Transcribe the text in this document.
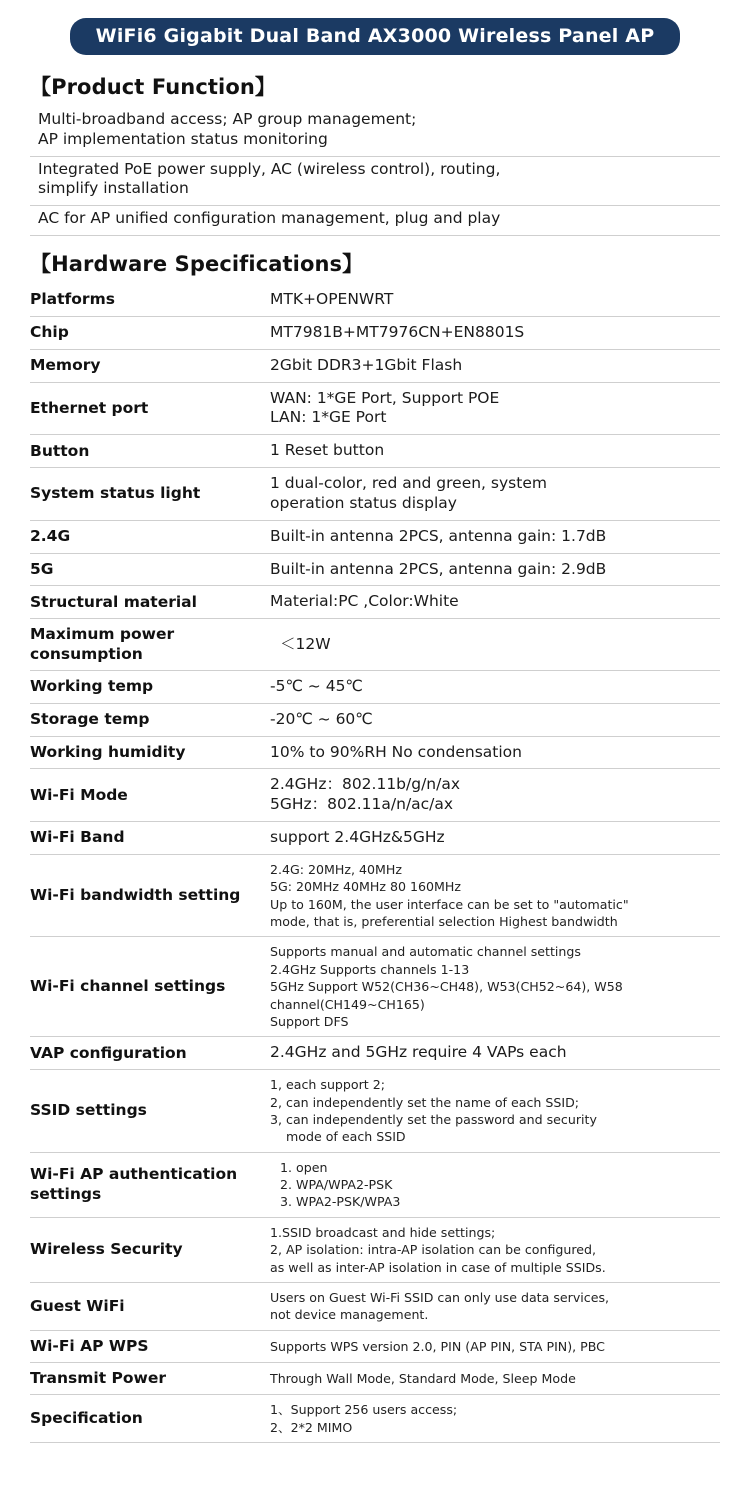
WiFi6 Gigabit Dual Band AX3000 Wireless Panel AP
【Product Function】
Multi-broadband access; AP group management;
AP implementation status monitoring
Integrated PoE power supply, AC (wireless control), routing,
simplify installation
AC for AP unified configuration management, plug and play
【Hardware Specifications】
Platforms	MTK+OPENWRT

Chip	MT7981B+MT7976CN+EN8801S

Memory	2Gbit DDR3+1Gbit Flash

Ethernet port	WAN: 1*GE Port, Support POE
LAN: 1*GE Port

Button	1 Reset button

System status light	1 dual-color, red and green, system
operation status display

2.4G	Built-in antenna 2PCS, antenna gain: 1.7dB

5G	Built-in antenna 2PCS, antenna gain: 2.9dB

Structural material	Material:PC ,Color:White

Maximum power consumption	＜12W

Working temp	-5℃ ~ 45℃

Storage temp	-20℃ ~ 60℃

Working humidity	10% to 90%RH No condensation

Wi-Fi Mode	2.4GHz：802.11b/g/n/ax
5GHz：802.11a/n/ac/ax

Wi-Fi Band	support 2.4GHz&5GHz

Wi-Fi bandwidth setting	2.4G: 20MHz, 40MHz
5G: 20MHz 40MHz 80 160MHz
Up to 160M, the user interface can be set to "automatic"
mode, that is, preferential selection Highest bandwidth

Wi-Fi channel settings	Supports manual and automatic channel settings
2.4GHz Supports channels 1-13
5GHz Support W52(CH36~CH48), W53(CH52~64), W58
channel(CH149~CH165)
Support DFS

VAP configuration	2.4GHz and 5GHz require 4 VAPs each

SSID settings	1, each support 2;
2, can independently set the name of each SSID;
3, can independently set the password and security
mode of each SSID

Wi-Fi AP authentication settings	1. open
2. WPA/WPA2-PSK
3. WPA2-PSK/WPA3

Wireless Security	1.SSID broadcast and hide settings;
2, AP isolation: intra-AP isolation can be configured,
as well as inter-AP isolation in case of multiple SSIDs.

Guest WiFi	Users on Guest Wi-Fi SSID can only use data services,
not device management.

Wi-Fi AP WPS	Supports WPS version 2.0, PIN (AP PIN, STA PIN), PBC

Transmit Power	Through Wall Mode, Standard Mode, Sleep Mode

Specification	1、Support 256 users access;
2、2*2 MIMO
